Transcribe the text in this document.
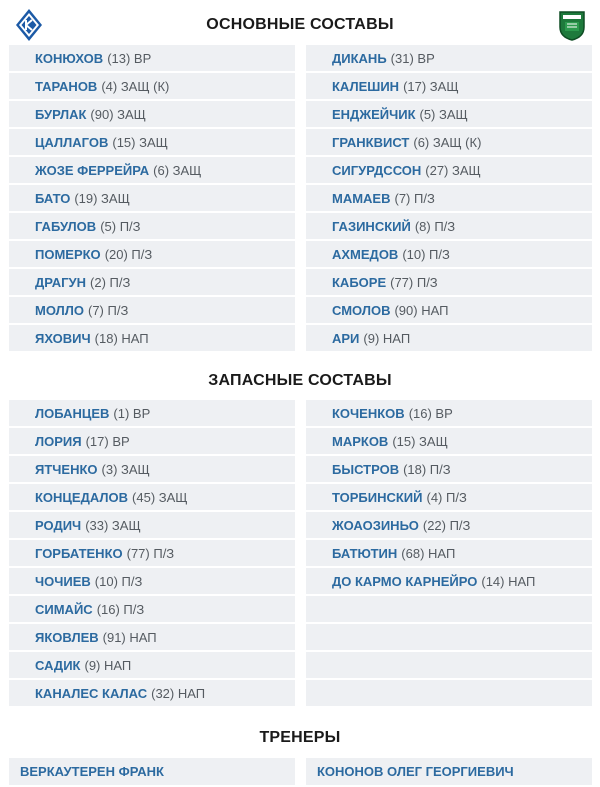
ОСНОВНЫЕ СОСТАВЫ
КОНЮХОВ (13) ВР
ТАРАНОВ (4) ЗАЩ (К)
БУРЛАК (90) ЗАЩ
ЦАЛЛАГОВ (15) ЗАЩ
ЖОЗЕ ФЕРРЕЙРА (6) ЗАЩ
БАТО (19) ЗАЩ
ГАБУЛОВ (5) П/З
ПОМЕРКО (20) П/З
ДРАГУН (2) П/З
МОЛЛО (7) П/З
ЯХОВИЧ (18) НАП
ДИКАНЬ (31) ВР
КАЛЕШИН (17) ЗАЩ
ЕНДЖЕЙЧИК (5) ЗАЩ
ГРАНКВИСТ (6) ЗАЩ (К)
СИГУРДССОН (27) ЗАЩ
МАМАЕВ (7) П/З
ГАЗИНСКИЙ (8) П/З
АХМЕДОВ (10) П/З
КАБОРЕ (77) П/З
СМОЛОВ (90) НАП
АРИ (9) НАП
ЗАПАСНЫЕ СОСТАВЫ
ЛОБАНЦЕВ (1) ВР
ЛОРИЯ (17) ВР
ЯТЧЕНКО (3) ЗАЩ
КОНЦЕДАЛОВ (45) ЗАЩ
РОДИЧ (33) ЗАЩ
ГОРБАТЕНКО (77) П/З
ЧОЧИЕВ (10) П/З
СИМАЙС (16) П/З
ЯКОВЛЕВ (91) НАП
САДИК (9) НАП
КАНАЛЕС КАЛАС (32) НАП
КОЧЕНКОВ (16) ВР
МАРКОВ (15) ЗАЩ
БЫСТРОВ (18) П/З
ТОРБИНСКИЙ (4) П/З
ЖОАОЗИНЬО (22) П/З
БАТЮТИН (68) НАП
ДО КАРМО КАРНЕЙРО (14) НАП
ТРЕНЕРЫ
ВЕРКАУТЕРЕН ФРАНК	КОНОНОВ ОЛЕГ ГЕОРГИЕВИЧ
